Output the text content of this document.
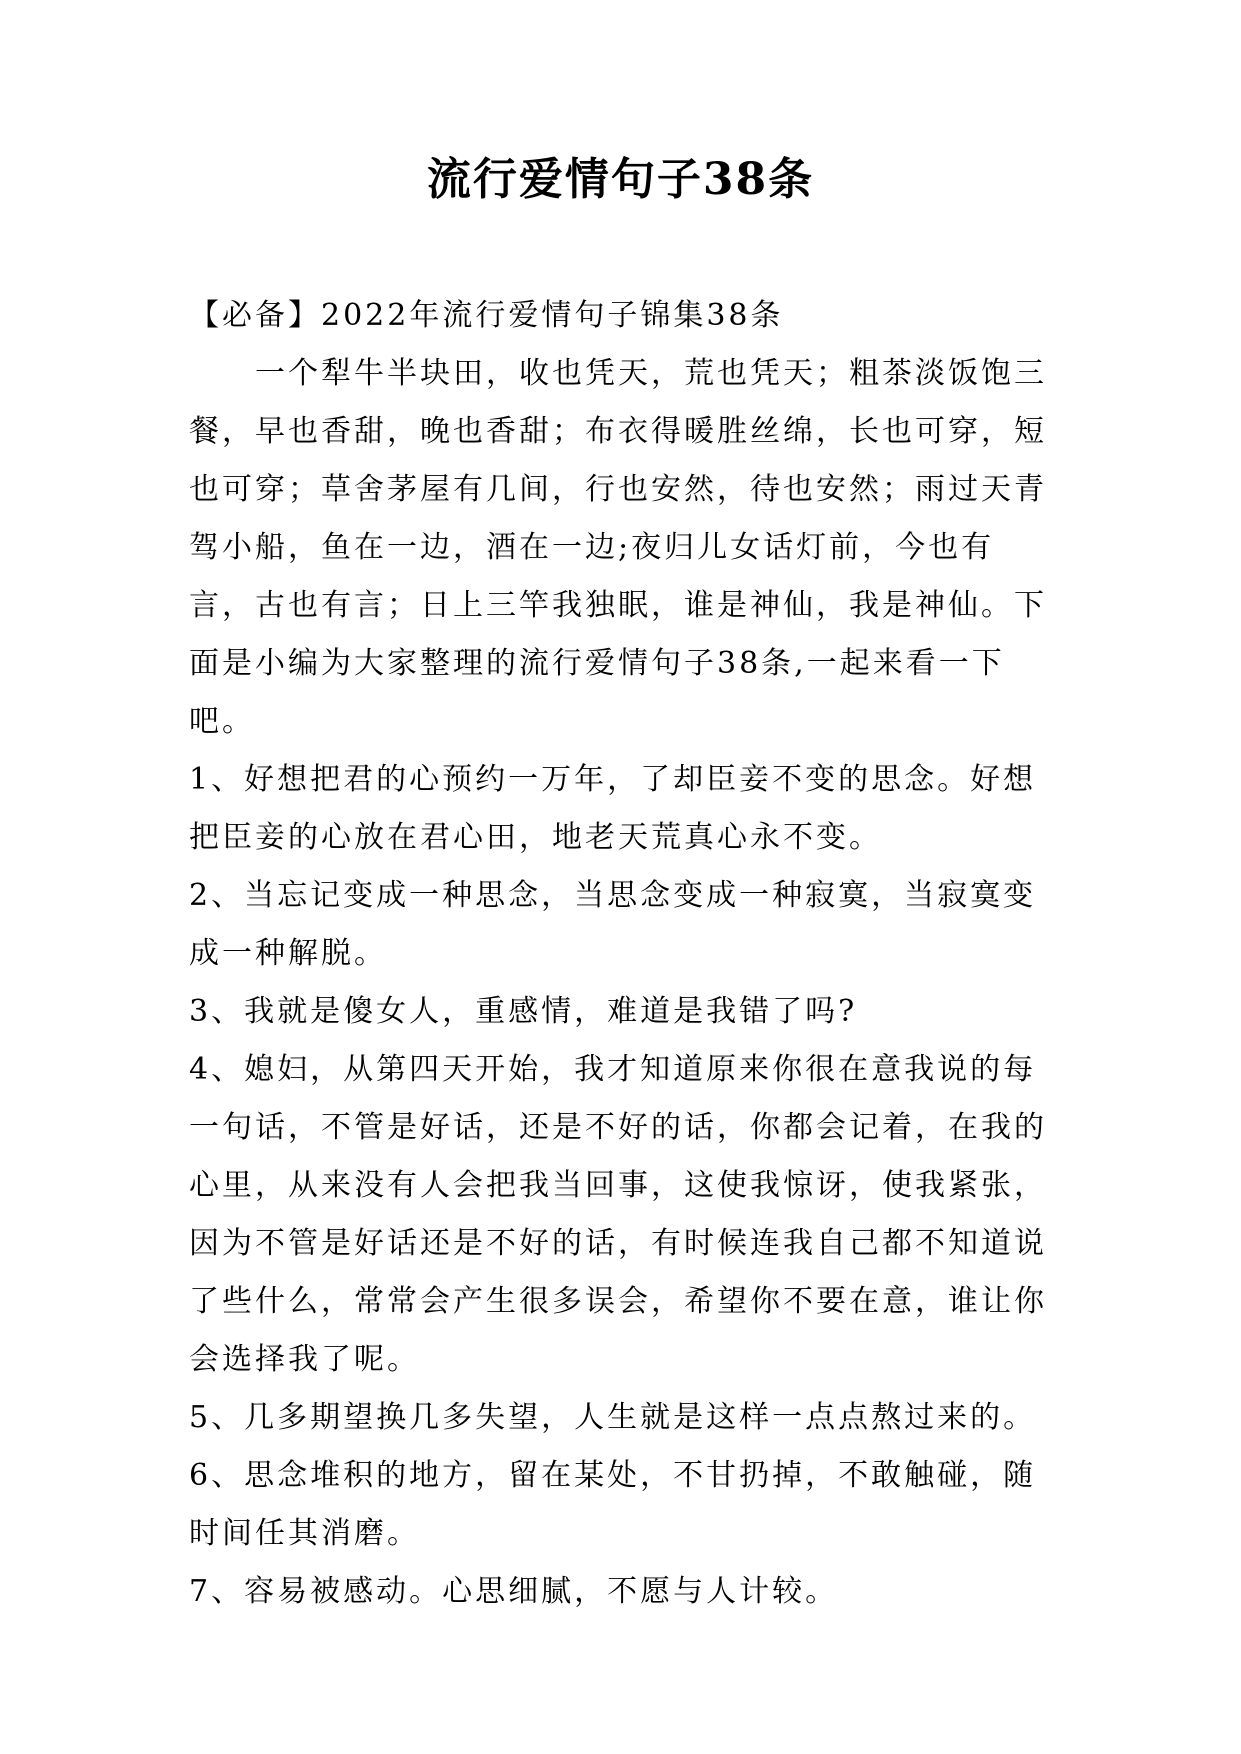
流行爱情句子38条

【必备】2022年流行爱情句子锦集38条

一个犁牛半块田，收也凭天，荒也凭天；粗茶淡饭饱三餐，早也香甜，晚也香甜；布衣得暖胜丝绵，长也可穿，短也可穿；草舍茅屋有几间，行也安然，待也安然；雨过天青驾小船，鱼在一边，酒在一边;夜归儿女话灯前，今也有言，古也有言；日上三竿我独眠，谁是神仙，我是神仙。下面是小编为大家整理的流行爱情句子38条,一起来看一下吧。

1、好想把君的心预约一万年，了却臣妾不变的思念。好想把臣妾的心放在君心田，地老天荒真心永不变。

2、当忘记变成一种思念，当思念变成一种寂寞，当寂寞变成一种解脱。

3、我就是傻女人，重感情，难道是我错了吗?

4、媳妇，从第四天开始，我才知道原来你很在意我说的每一句话，不管是好话，还是不好的话，你都会记着，在我的心里，从来没有人会把我当回事，这使我惊讶，使我紧张，因为不管是好话还是不好的话，有时候连我自己都不知道说了些什么，常常会产生很多误会，希望你不要在意，谁让你会选择我了呢。

5、几多期望换几多失望，人生就是这样一点点熬过来的。

6、思念堆积的地方，留在某处，不甘扔掉，不敢触碰，随时间任其消磨。

7、容易被感动。心思细腻，不愿与人计较。
